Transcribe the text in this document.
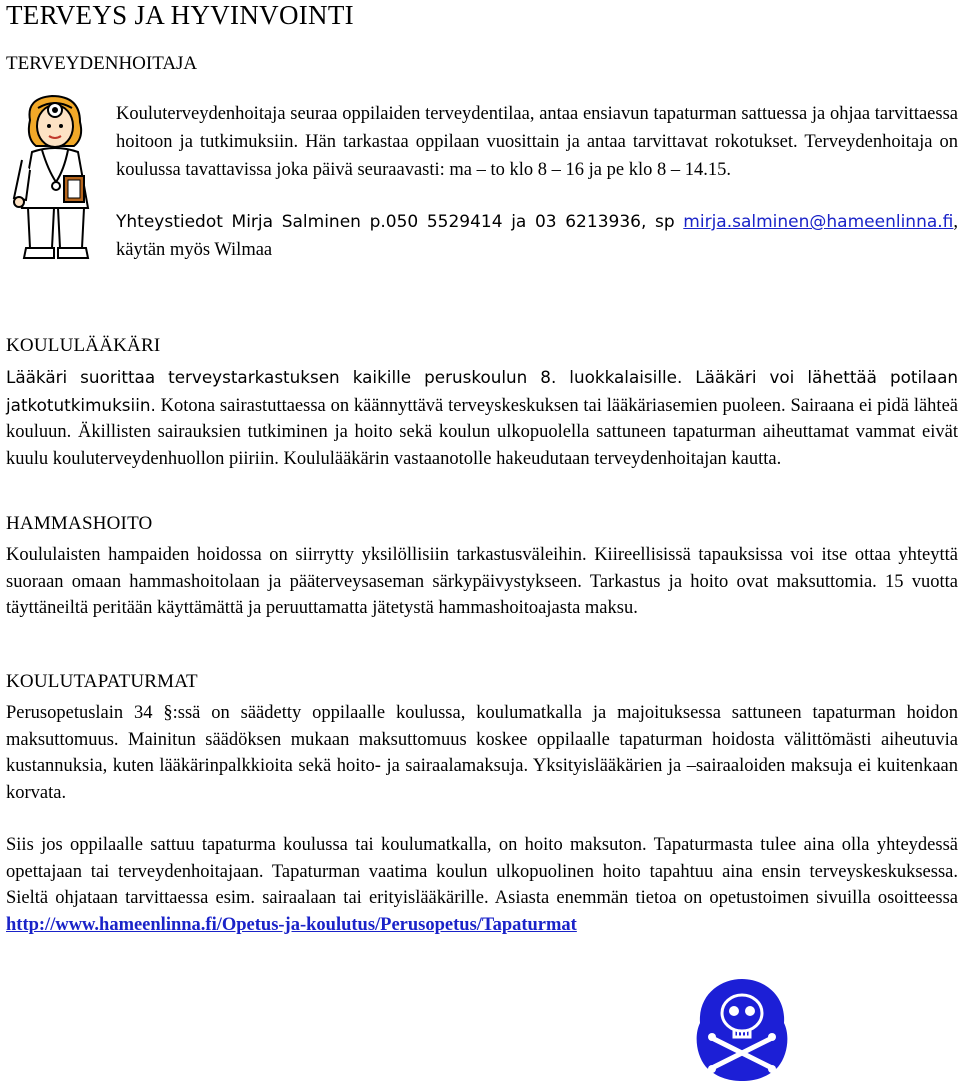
TERVEYS JA HYVINVOINTI
TERVEYDENHOITAJA

Kouluterveydenhoitaja seuraa oppilaiden terveydentilaa, antaa ensiavun tapaturman sattuessa ja ohjaa tarvittaessa hoitoon ja tutkimuksiin. Hän tarkastaa oppilaan vuosittain ja antaa tarvittavat rokotukset. Terveydenhoitaja on koulussa tavattavissa joka päivä seuraavasti: ma – to klo 8 – 16 ja pe klo 8 – 14.15.

Yhteystiedot Mirja Salminen p.050 5529414 ja 03 6213936, sp mirja.salminen@hameenlinna.fi, käytän myös Wilmaa

KOULULÄÄKÄRI

Lääkäri suorittaa terveystarkastuksen kaikille peruskoulun 8. luokkalaisille. Lääkäri voi lähettää potilaan jatkotutkimuksiin. Kotona sairastuttaessa on käännyttävä terveyskeskuksen tai lääkäriasemien puoleen. Sairaana ei pidä lähteä kouluun. Äkillisten sairauksien tutkiminen ja hoito sekä koulun ulkopuolella sattuneen tapaturman aiheuttamat vammat eivät kuulu kouluterveydenhuollon piiriin. Koululääkärin vastaanotolle hakeudutaan terveydenhoitajan kautta.

HAMMASHOITO

Koululaisten hampaiden hoidossa on siirrytty yksilöllisiin tarkastusväleihin. Kiireellisissä tapauksissa voi itse ottaa yhteyttä suoraan omaan hammashoitolaan ja pääterveysaseman särkypäivystykseen. Tarkastus ja hoito ovat maksuttomia. 15 vuotta täyttäneiltä peritään käyttämättä ja peruuttamatta jätetystä hammashoitoajasta maksu.

KOULUTAPATURMAT

Perusopetuslain 34 §:ssä on säädetty oppilaalle koulussa, koulumatkalla ja majoituksessa sattuneen tapaturman hoidon maksuttomuus. Mainitun säädöksen mukaan maksuttomuus koskee oppilaalle tapaturman hoidosta välittömästi aiheutuvia kustannuksia, kuten lääkärinpalkkioita sekä hoito- ja sairaalamaksuja. Yksityislääkärien ja –sairaaloiden maksuja ei kuitenkaan korvata.

Siis jos oppilaalle sattuu tapaturma koulussa tai koulumatkalla, on hoito maksuton. Tapaturmasta tulee aina olla yhteydessä opettajaan tai terveydenhoitajaan. Tapaturman vaatima koulun ulkopuolinen hoito tapahtuu aina ensin terveyskeskuksessa. Sieltä ohjataan tarvittaessa esim. sairaalaan tai erityislääkärille. Asiasta enemmän tietoa on opetustoimen sivuilla osoitteessa http://www.hameenlinna.fi/Opetus-ja-koulutus/Perusopetus/Tapaturmat
